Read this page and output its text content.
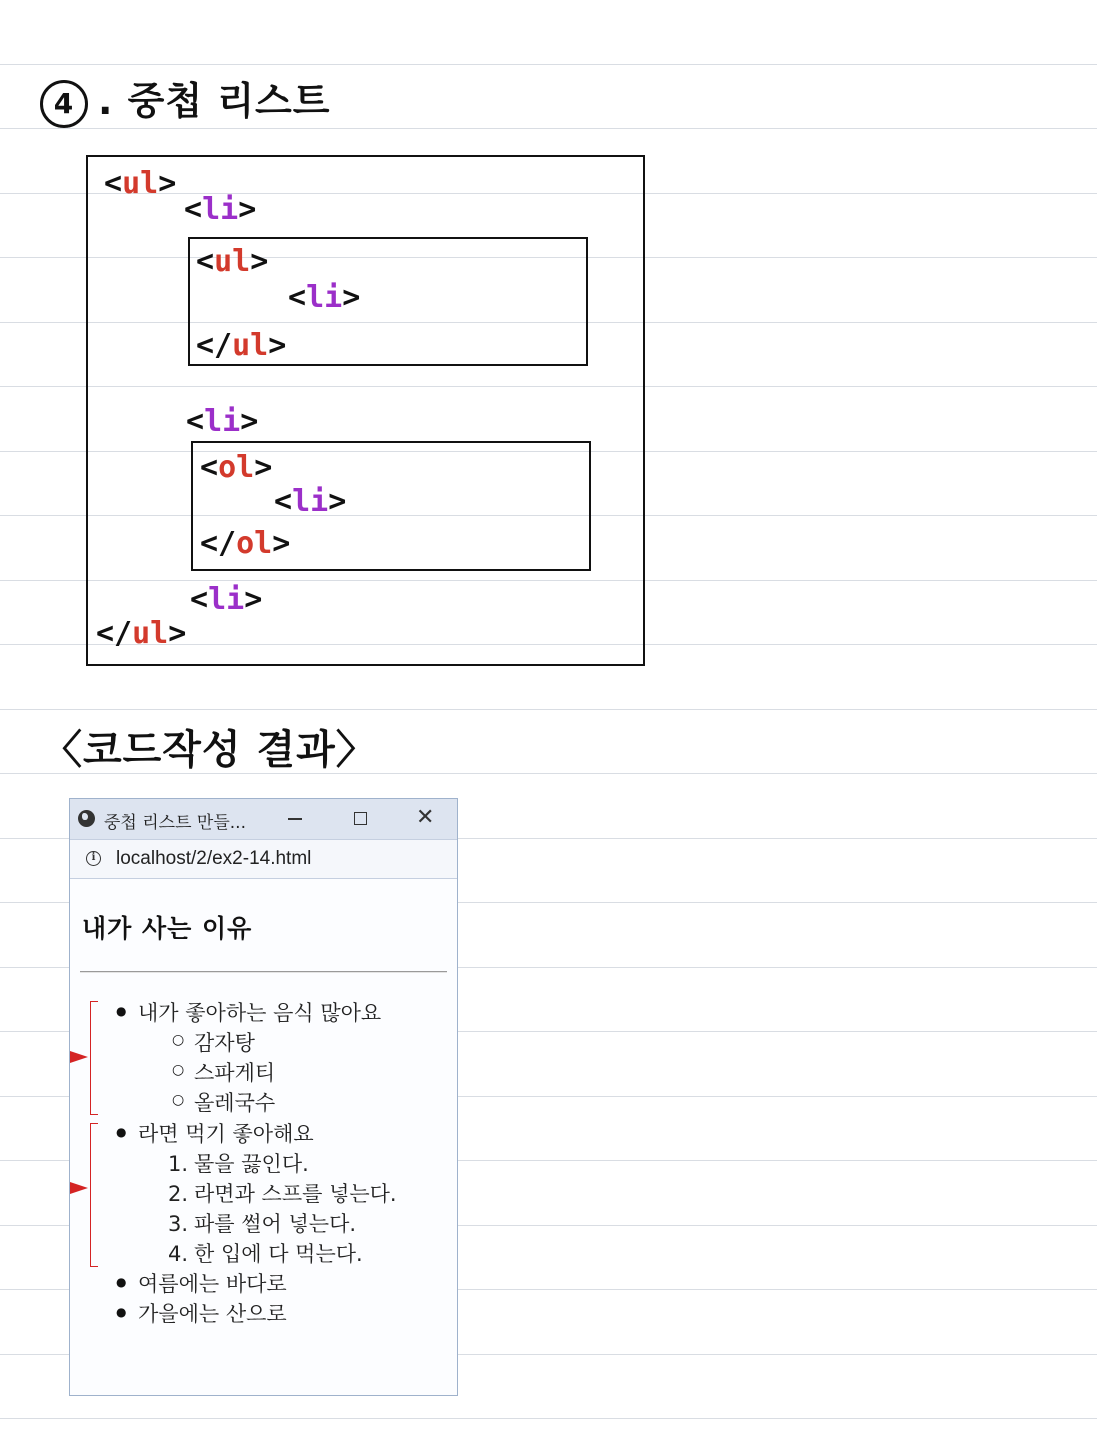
4 . 중첩 리스트
<ul>
<li>
<ul>
<li>
</ul>
<li>
<ol>
<li>
</ol>
<li>
</ul>
〈코드작성 결과〉
중첩 리스트 만들...	✕
i localhost/2/ex2-14.html
내가 사는 이유
● 내가 좋아하는 음식 많아요
○ 감자탕
○ 스파게티
○ 올레국수
● 라면 먹기 좋아해요
1. 물을 끓인다.
2. 라면과 스프를 넣는다.
3. 파를 썰어 넣는다.
4. 한 입에 다 먹는다.
● 여름에는 바다로
● 가을에는 산으로
